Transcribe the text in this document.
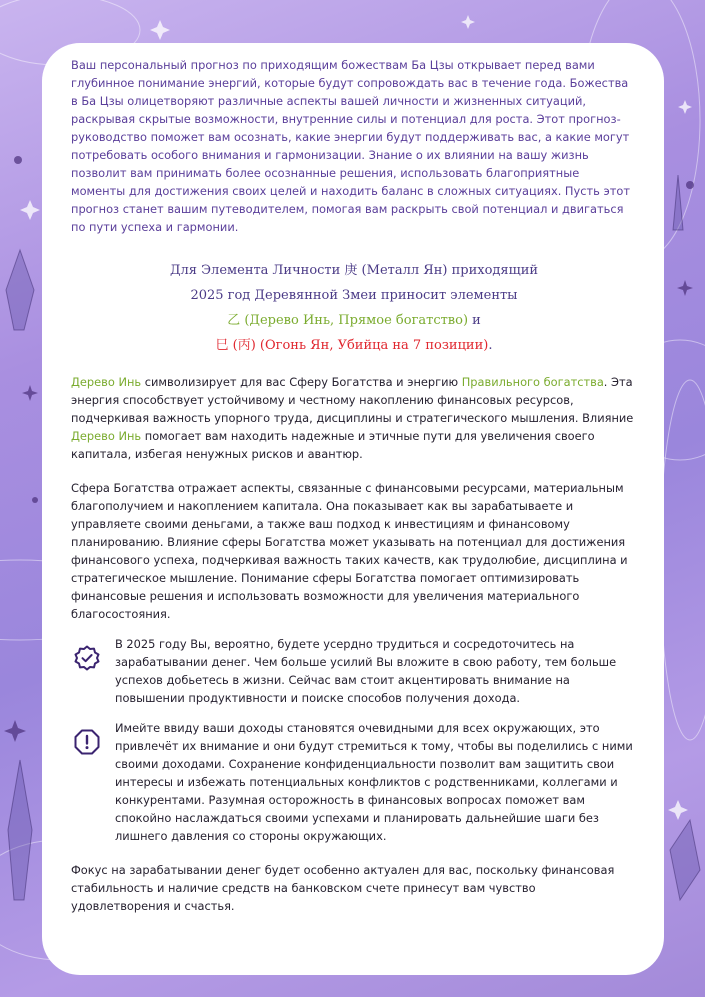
Ваш персональный прогноз по приходящим божествам Ба Цзы открывает перед вами глубинное понимание энергий, которые будут сопровождать вас в течение года. Божества в Ба Цзы олицетворяют различные аспекты вашей личности и жизненных ситуаций, раскрывая скрытые возможности, внутренние силы и потенциал для роста. Этот прогноз-руководство поможет вам осознать, какие энергии будут поддерживать вас, а какие могут потребовать особого внимания и гармонизации. Знание о их влиянии на вашу жизнь позволит вам принимать более осознанные решения, использовать благоприятные моменты для достижения своих целей и находить баланс в сложных ситуациях. Пусть этот прогноз станет вашим путеводителем, помогая вам раскрыть свой потенциал и двигаться по пути успеха и гармонии.

Для Элемента Личности 庚 (Металл Ян) приходящий
2025 год Деревянной Змеи приносит элементы
乙 (Дерево Инь, Прямое богатство) и
巳 (丙) (Огонь Ян, Убийца на 7 позиции).

Дерево Инь символизирует для вас Сферу Богатства и энергию Правильного богатства. Эта энергия способствует устойчивому и честному накоплению финансовых ресурсов, подчеркивая важность упорного труда, дисциплины и стратегического мышления. Влияние Дерево Инь помогает вам находить надежные и этичные пути для увеличения своего капитала, избегая ненужных рисков и авантюр.

Сфера Богатства отражает аспекты, связанные с финансовыми ресурсами, материальным благополучием и накоплением капитала. Она показывает как вы зарабатываете и управляете своими деньгами, а также ваш подход к инвестициям и финансовому планированию. Влияние сферы Богатства может указывать на потенциал для достижения финансового успеха, подчеркивая важность таких качеств, как трудолюбие, дисциплина и стратегическое мышление. Понимание сферы Богатства помогает оптимизировать финансовые решения и использовать возможности для увеличения материального благосостояния.

В 2025 году Вы, вероятно, будете усердно трудиться и сосредоточитесь на зарабатывании денег. Чем больше усилий Вы вложите в свою работу, тем больше успехов добьетесь в жизни. Сейчас вам стоит акцентировать внимание на повышении продуктивности и поиске способов получения дохода.

Имейте ввиду ваши доходы становятся очевидными для всех окружающих, это привлечёт их внимание и они будут стремиться к тому, чтобы вы поделились с ними своими доходами. Сохранение конфиденциальности позволит вам защитить свои интересы и избежать потенциальных конфликтов с родственниками, коллегами и конкурентами. Разумная осторожность в финансовых вопросах поможет вам спокойно наслаждаться своими успехами и планировать дальнейшие шаги без лишнего давления со стороны окружающих.

Фокус на зарабатывании денег будет особенно актуален для вас, поскольку финансовая стабильность и наличие средств на банковском счете принесут вам чувство удовлетворения и счастья.
